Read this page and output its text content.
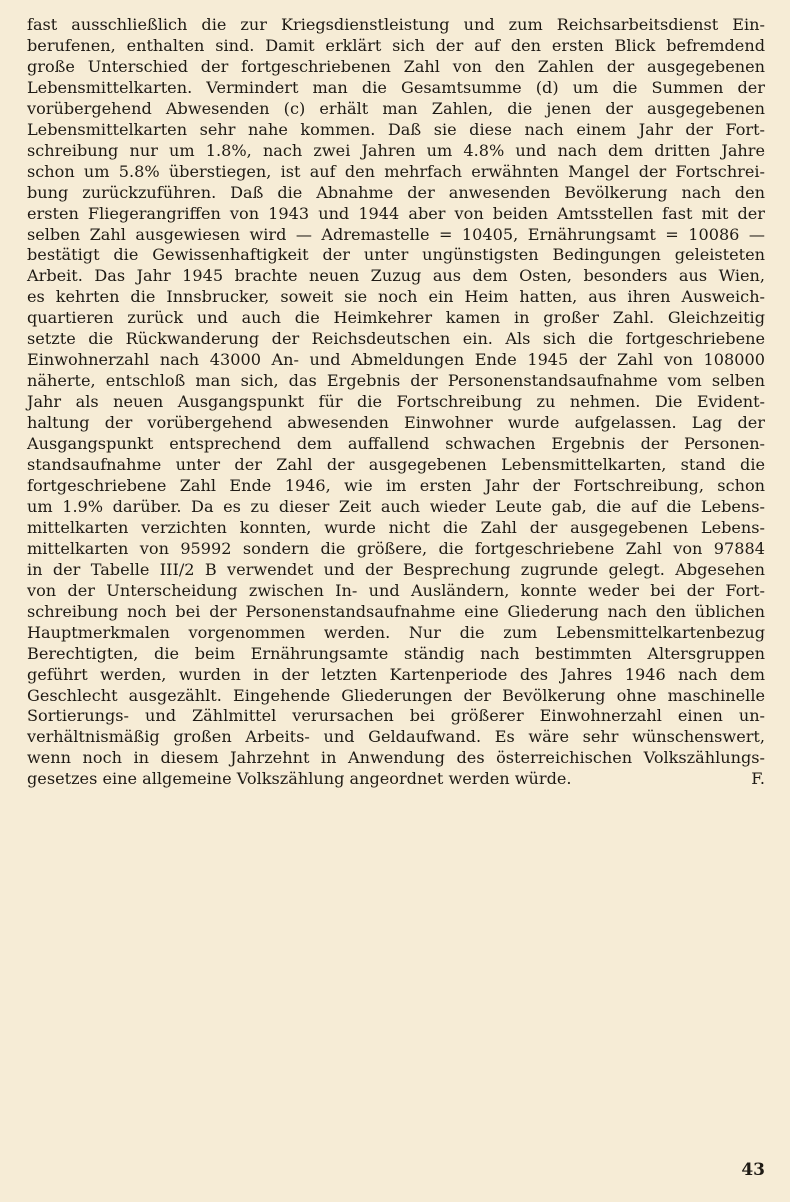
fast ausschließlich die zur Kriegsdienstleistung und zum Reichsarbeitsdienst Ein-
berufenen, enthalten sind. Damit erklärt sich der auf den ersten Blick befremdend
große Unterschied der fortgeschriebenen Zahl von den Zahlen der ausgegebenen
Lebensmittelkarten. Vermindert man die Gesamtsumme (d) um die Summen der
vorübergehend Abwesenden (c) erhält man Zahlen, die jenen der ausgegebenen
Lebensmittelkarten sehr nahe kommen. Daß sie diese nach einem Jahr der Fort-
schreibung nur um 1.8%, nach zwei Jahren um 4.8% und nach dem dritten Jahre
schon um 5.8% überstiegen, ist auf den mehrfach erwähnten Mangel der Fortschrei-
bung zurückzuführen. Daß die Abnahme der anwesenden Bevölkerung nach den
ersten Fliegerangriffen von 1943 und 1944 aber von beiden Amtsstellen fast mit der
selben Zahl ausgewiesen wird — Adremastelle = 10405, Ernährungsamt = 10086 —
bestätigt die Gewissenhaftigkeit der unter ungünstigsten Bedingungen geleisteten
Arbeit. Das Jahr 1945 brachte neuen Zuzug aus dem Osten, besonders aus Wien,
es kehrten die Innsbrucker, soweit sie noch ein Heim hatten, aus ihren Ausweich-
quartieren zurück und auch die Heimkehrer kamen in großer Zahl. Gleichzeitig
setzte die Rückwanderung der Reichsdeutschen ein. Als sich die fortgeschriebene
Einwohnerzahl nach 43000 An- und Abmeldungen Ende 1945 der Zahl von 108000
näherte, entschloß man sich, das Ergebnis der Personenstandsaufnahme vom selben
Jahr als neuen Ausgangspunkt für die Fortschreibung zu nehmen. Die Evident-
haltung der vorübergehend abwesenden Einwohner wurde aufgelassen. Lag der
Ausgangspunkt entsprechend dem auffallend schwachen Ergebnis der Personen-
standsaufnahme unter der Zahl der ausgegebenen Lebensmittelkarten, stand die
fortgeschriebene Zahl Ende 1946, wie im ersten Jahr der Fortschreibung, schon
um 1.9% darüber. Da es zu dieser Zeit auch wieder Leute gab, die auf die Lebens-
mittelkarten verzichten konnten, wurde nicht die Zahl der ausgegebenen Lebens-
mittelkarten von 95992 sondern die größere, die fortgeschriebene Zahl von 97884
in der Tabelle III/2 B verwendet und der Besprechung zugrunde gelegt. Abgesehen
von der Unterscheidung zwischen In- und Ausländern, konnte weder bei der Fort-
schreibung noch bei der Personenstandsaufnahme eine Gliederung nach den üblichen
Hauptmerkmalen vorgenommen werden. Nur die zum Lebensmittelkartenbezug
Berechtigten, die beim Ernährungsamte ständig nach bestimmten Altersgruppen
geführt werden, wurden in der letzten Kartenperiode des Jahres 1946 nach dem
Geschlecht ausgezählt. Eingehende Gliederungen der Bevölkerung ohne maschinelle
Sortierungs- und Zählmittel verursachen bei größerer Einwohnerzahl einen un-
verhältnismäßig großen Arbeits- und Geldaufwand. Es wäre sehr wünschenswert,
wenn noch in diesem Jahrzehnt in Anwendung des österreichischen Volkszählungs-
gesetzes eine allgemeine Volkszählung angeordnet werden würde.	F.
43
